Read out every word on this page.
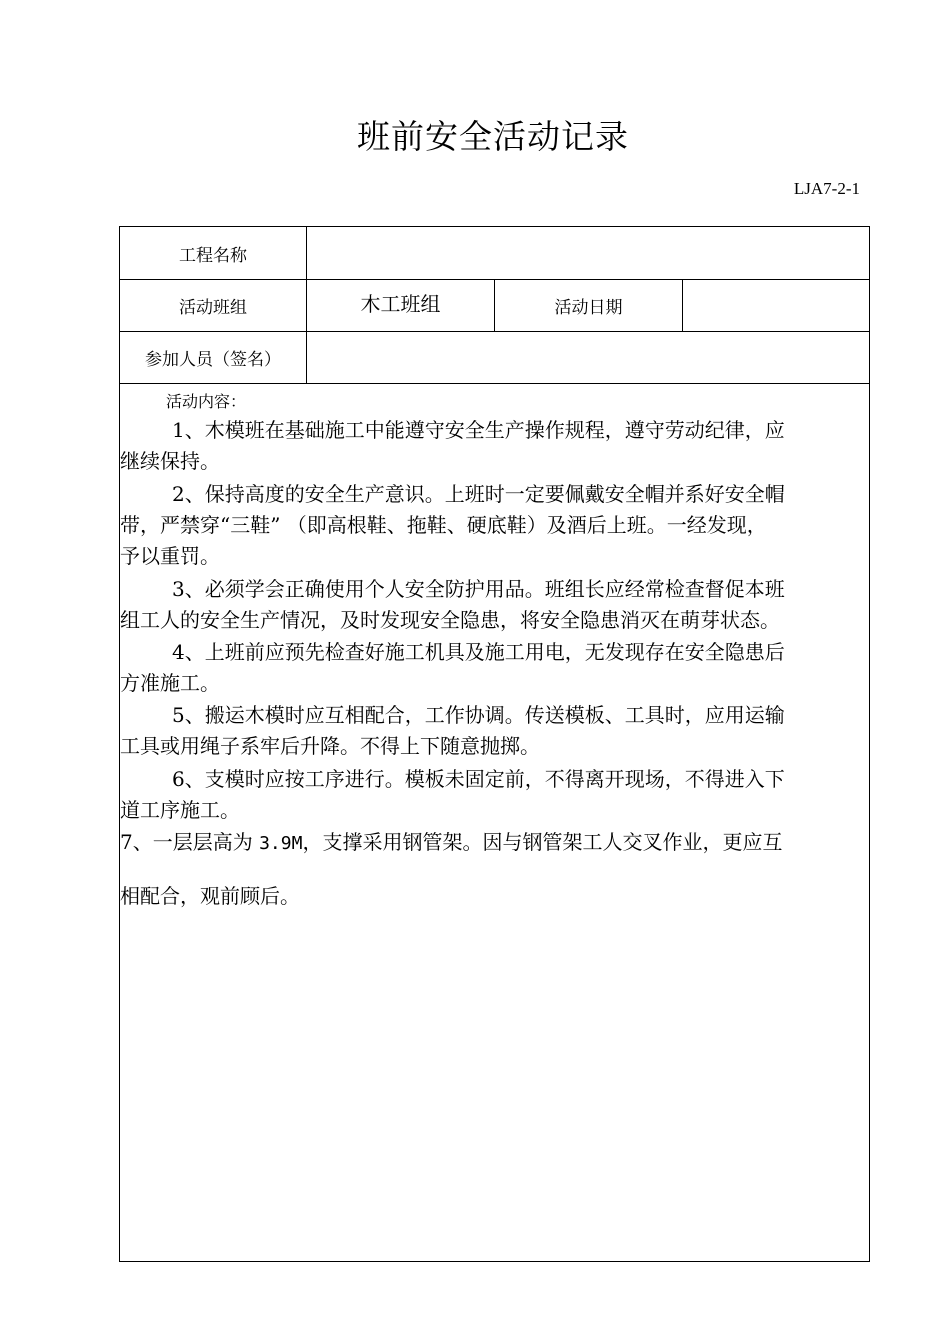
班前安全活动记录
LJA7-2-1
工程名称
活动班组	木工班组	活动日期
参加人员（签名）
活动内容：
1、木模班在基础施工中能遵守安全生产操作规程，遵守劳动纪律，应
继续保持。
2、保持高度的安全生产意识。上班时一定要佩戴安全帽并系好安全帽
带，严禁穿“三鞋” （即高根鞋、拖鞋、硬底鞋）及酒后上班。一经发现，
予以重罚。
3、必须学会正确使用个人安全防护用品。班组长应经常检查督促本班
组工人的安全生产情况，及时发现安全隐患，将安全隐患消灭在萌芽状态。
4、上班前应预先检查好施工机具及施工用电，无发现存在安全隐患后
方准施工。
5、搬运木模时应互相配合，工作协调。传送模板、工具时，应用运输
工具或用绳子系牢后升降。不得上下随意抛掷。
6、支模时应按工序进行。模板未固定前，不得离开现场，不得进入下
道工序施工。
7、一层层高为 3.9M，支撑采用钢管架。因与钢管架工人交叉作业，更应互
相配合，观前顾后。
